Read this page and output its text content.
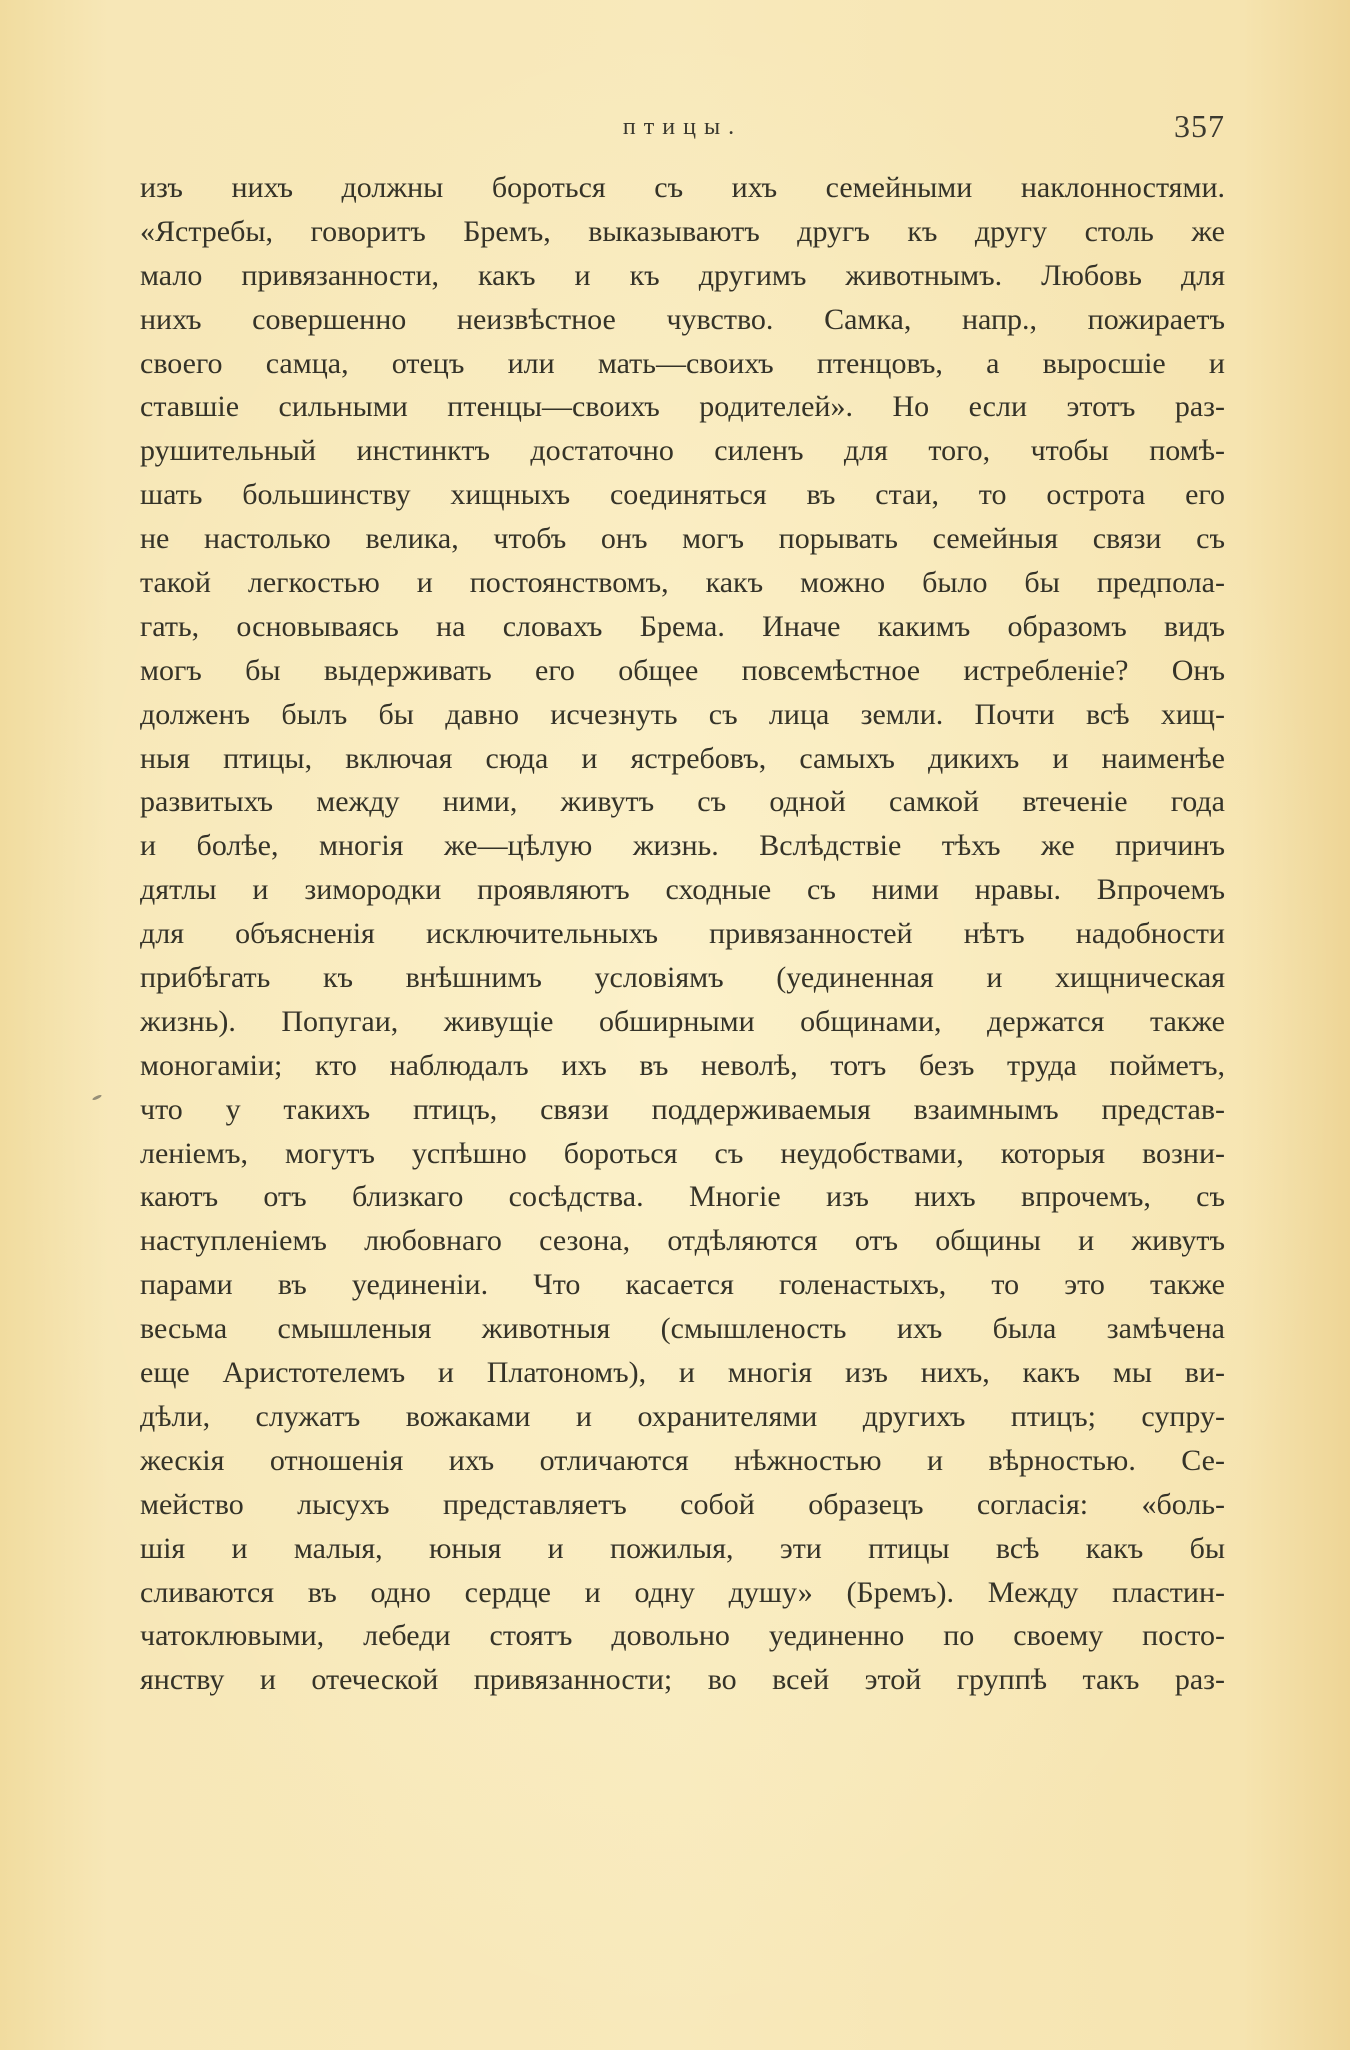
птицы.	357
изъ нихъ должны бороться съ ихъ семейными наклонностями.
«Ястребы, говоритъ Бремъ, выказываютъ другъ къ другу столь же
мало привязанности, какъ и къ другимъ животнымъ. Любовь для
нихъ совершенно неизвѣстное чувство. Самка, напр., пожираетъ
своего самца, отецъ или мать—своихъ птенцовъ, а выросшіе и
ставшіе сильными птенцы—своихъ родителей». Но если этотъ раз-
рушительный инстинктъ достаточно силенъ для того, чтобы помѣ-
шать большинству хищныхъ соединяться въ стаи, то острота его
не настолько велика, чтобъ онъ могъ порывать семейныя связи съ
такой легкостью и постоянствомъ, какъ можно было бы предпола-
гать, основываясь на словахъ Брема. Иначе какимъ образомъ видъ
могъ бы выдерживать его общее повсемѣстное истребленіе? Онъ
долженъ былъ бы давно исчезнуть съ лица земли. Почти всѣ хищ-
ныя птицы, включая сюда и ястребовъ, самыхъ дикихъ и наименѣе
развитыхъ между ними, живутъ съ одной самкой втеченіе года
и болѣе, многія же—цѣлую жизнь. Вслѣдствіе тѣхъ же причинъ
дятлы и зимородки проявляютъ сходные съ ними нравы. Впрочемъ
для объясненія исключительныхъ привязанностей нѣтъ надобности
прибѣгать къ внѣшнимъ условіямъ (уединенная и хищническая
жизнь). Попугаи, живущіе обширными общинами, держатся также
моногаміи; кто наблюдалъ ихъ въ неволѣ, тотъ безъ труда пойметъ,
что у такихъ птицъ, связи поддерживаемыя взаимнымъ представ-
леніемъ, могутъ успѣшно бороться съ неудобствами, которыя возни-
каютъ отъ близкаго сосѣдства. Многіе изъ нихъ впрочемъ, съ
наступленіемъ любовнаго сезона, отдѣляются отъ общины и живутъ
парами въ уединеніи. Что касается голенастыхъ, то это также
весьма смышленыя животныя (смышленость ихъ была замѣчена
еще Аристотелемъ и Платономъ), и многія изъ нихъ, какъ мы ви-
дѣли, служатъ вожаками и охранителями другихъ птицъ; супру-
жескія отношенія ихъ отличаются нѣжностью и вѣрностью. Се-
мейство лысухъ представляетъ собой образецъ согласія: «боль-
шія и малыя, юныя и пожилыя, эти птицы всѣ какъ бы
сливаются въ одно сердце и одну душу» (Бремъ). Между пластин-
чатоклювыми, лебеди стоятъ довольно уединенно по своему посто-
янству и отеческой привязанности; во всей этой группѣ такъ раз-
